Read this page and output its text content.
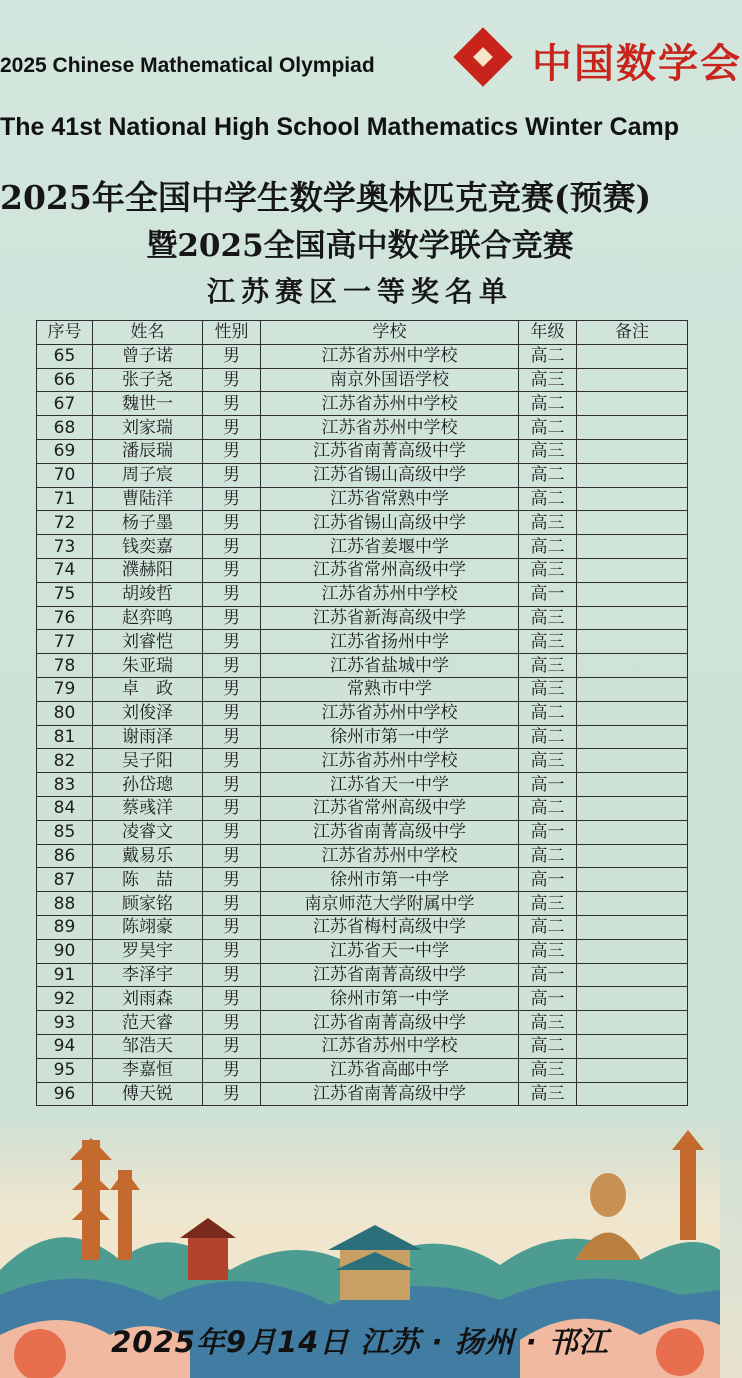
2025 Chinese Mathematical Olympiad	中国数学会
The 41st National High School Mathematics Winter Camp
2025年全国中学生数学奥林匹克竞赛(预赛)
暨2025全国高中数学联合竞赛
江苏赛区一等奖名单
序号	姓名	性别	学校	年级	备注
65	曾子诺	男	江苏省苏州中学校	高二	
66	张子尧	男	南京外国语学校	高三	
67	魏世一	男	江苏省苏州中学校	高二	
68	刘家瑞	男	江苏省苏州中学校	高二	
69	潘辰瑞	男	江苏省南菁高级中学	高三	
70	周子宸	男	江苏省锡山高级中学	高二	
71	曹陆洋	男	江苏省常熟中学	高二	
72	杨子墨	男	江苏省锡山高级中学	高三	
73	钱奕嘉	男	江苏省姜堰中学	高二	
74	濮赫阳	男	江苏省常州高级中学	高三	
75	胡竣哲	男	江苏省苏州中学校	高一	
76	赵弈鸣	男	江苏省新海高级中学	高三	
77	刘睿恺	男	江苏省扬州中学	高三	
78	朱亚瑞	男	江苏省盐城中学	高三	
79	卓　政	男	常熟市中学	高三	
80	刘俊泽	男	江苏省苏州中学校	高二	
81	谢雨泽	男	徐州市第一中学	高二	
82	吴子阳	男	江苏省苏州中学校	高三	
83	孙岱璁	男	江苏省天一中学	高一	
84	蔡彧洋	男	江苏省常州高级中学	高二	
85	凌睿文	男	江苏省南菁高级中学	高一	
86	戴易乐	男	江苏省苏州中学校	高二	
87	陈　喆	男	徐州市第一中学	高一	
88	顾家铭	男	南京师范大学附属中学	高三	
89	陈翊豪	男	江苏省梅村高级中学	高二	
90	罗昊宇	男	江苏省天一中学	高三	
91	李泽宇	男	江苏省南菁高级中学	高一	
92	刘雨森	男	徐州市第一中学	高一	
93	范天睿	男	江苏省南菁高级中学	高三	
94	邹浩天	男	江苏省苏州中学校	高二	
95	李嘉恒	男	江苏省高邮中学	高三	
96	傅天锐	男	江苏省南菁高级中学	高三	
2025年9月14日 江苏 · 扬州 · 邗江
